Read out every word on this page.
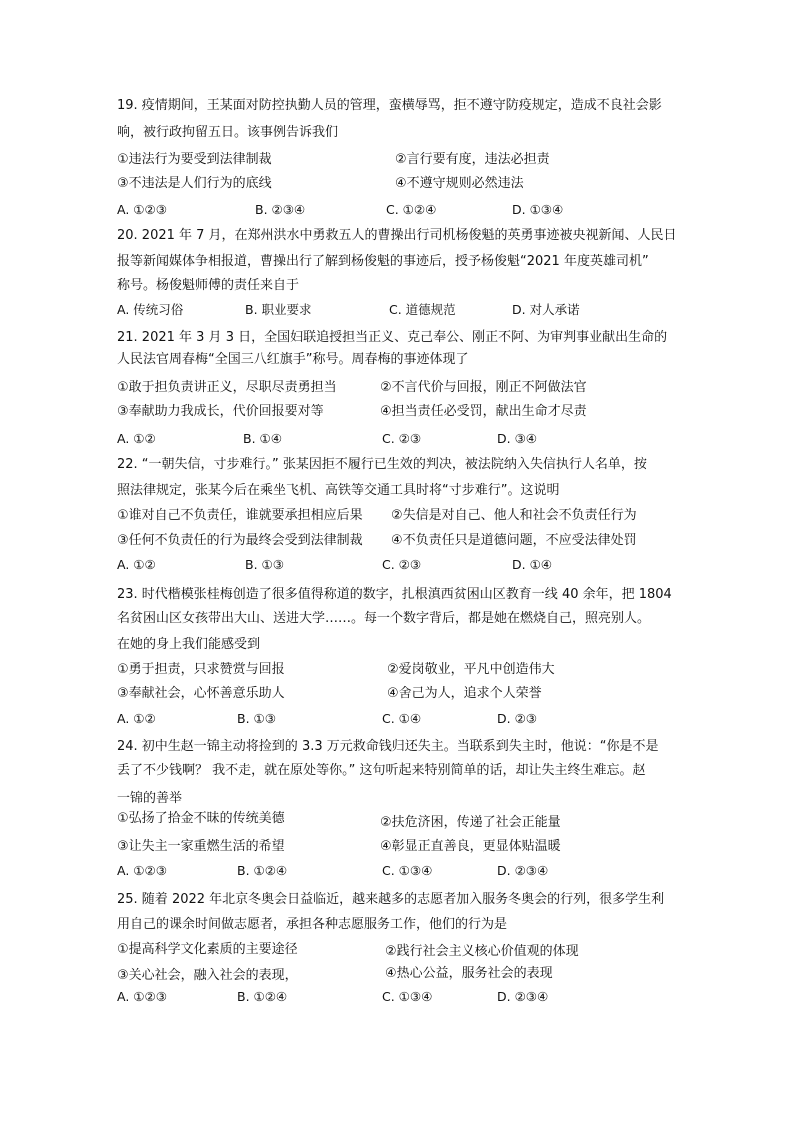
19. 疫情期间，王某面对防控执勤人员的管理，蛮横辱骂，拒不遵守防疫规定，造成不良社会影
响，被行政拘留五日。该事例告诉我们
①违法行为要受到法律制裁	②言行要有度，违法必担责
③不违法是人们行为的底线	④不遵守规则必然违法
A. ①②③	B. ②③④	C. ①②④	D. ①③④
20. 2021 年 7 月，在郑州洪水中勇救五人的曹操出行司机杨俊魁的英勇事迹被央视新闻、人民日
报等新闻媒体争相报道，曹操出行了解到杨俊魁的事迹后，授予杨俊魁“2021 年度英雄司机”
称号。杨俊魁师傅的责任来自于
A. 传统习俗	B. 职业要求	C. 道德规范	D. 对人承诺
21. 2021 年 3 月 3 日，全国妇联追授担当正义、克己奉公、刚正不阿、为审判事业献出生命的
人民法官周春梅“全国三八红旗手”称号。周春梅的事迹体现了
①敢于担负责讲正义，尽职尽责勇担当	②不言代价与回报，刚正不阿做法官
③奉献助力我成长，代价回报要对等	④担当责任必受罚，献出生命才尽责
A. ①②	B. ①④	C. ②③	D. ③④
22. “一朝失信，寸步难行。” 张某因拒不履行已生效的判决，被法院纳入失信执行人名单，按
照法律规定，张某今后在乘坐飞机、高铁等交通工具时将“寸步难行”。这说明
①谁对自己不负责任，谁就要承担相应后果 ②失信是对自己、他人和社会不负责任行为
③任何不负责任的行为最终会受到法律制裁 ④不负责任只是道德问题，不应受法律处罚
A. ①②	B. ①③	C. ②③	D. ①④
23. 时代楷模张桂梅创造了很多值得称道的数字，扎根滇西贫困山区教育一线 40 余年，把 1804
名贫困山区女孩带出大山、送进大学……。每一个数字背后，都是她在燃烧自己，照亮别人。
在她的身上我们能感受到
①勇于担责，只求赞赏与回报	②爱岗敬业，平凡中创造伟大
③奉献社会，心怀善意乐助人	④舍己为人，追求个人荣誉
A. ①②	B. ①③	C. ①④	D. ②③
24. 初中生赵一锦主动将捡到的 3.3 万元救命钱归还失主。当联系到失主时，他说：“你是不是
丢了不少钱啊？ 我不走，就在原处等你。” 这句听起来特别简单的话，却让失主终生难忘。赵
一锦的善举
①弘扬了拾金不昧的传统美德	②扶危济困，传递了社会正能量
③让失主一家重燃生活的希望	④彰显正直善良，更显体贴温暖
A. ①②③	B. ①②④	C. ①③④	D. ②③④
25. 随着 2022 年北京冬奥会日益临近，越来越多的志愿者加入服务冬奥会的行列，很多学生利
用自己的课余时间做志愿者，承担各种志愿服务工作，他们的行为是
①提高科学文化素质的主要途径	②践行社会主义核心价值观的体现
③关心社会，融入社会的表现，	④热心公益，服务社会的表现
A. ①②③	B. ①②④	C. ①③④	D. ②③④
